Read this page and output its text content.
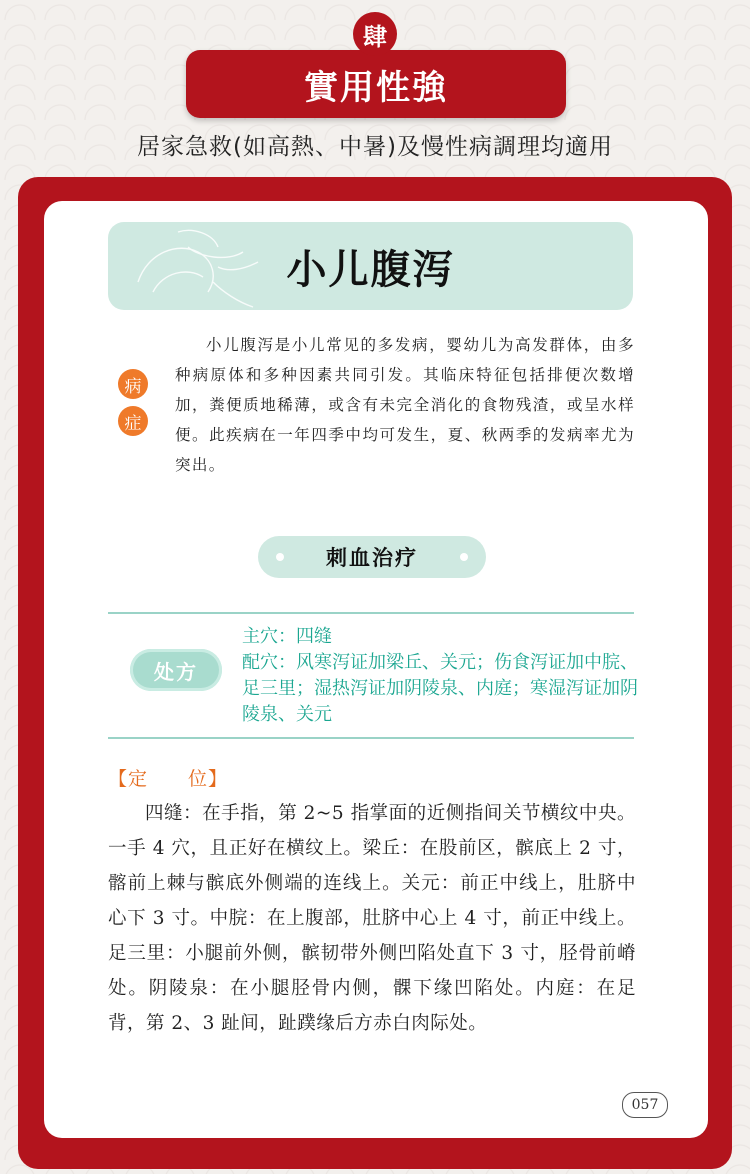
實用性強
肆
居家急救(如高熱、中暑)及慢性病調理均適用
小儿腹泻
病
症
小儿腹泻是小儿常见的多发病，婴幼儿为高发群体，由多种病原体和多种因素共同引发。其临床特征包括排便次数增加，粪便质地稀薄，或含有未完全消化的食物残渣，或呈水样便。此疾病在一年四季中均可发生，夏、秋两季的发病率尤为突出。
刺血治疗
处方
主穴：四缝
配穴：风寒泻证加梁丘、关元；伤食泻证加中脘、足三里；湿热泻证加阴陵泉、内庭；寒湿泻证加阴陵泉、关元
【定　　位】
四缝：在手指，第 2~5 指掌面的近侧指间关节横纹中央。一手 4 穴，且正好在横纹上。梁丘：在股前区，髌底上 2 寸，髂前上棘与髌底外侧端的连线上。关元：前正中线上，肚脐中心下 3 寸。中脘：在上腹部，肚脐中心上 4 寸，前正中线上。足三里：小腿前外侧，髌韧带外侧凹陷处直下 3 寸，胫骨前嵴处。阴陵泉：在小腿胫骨内侧，髁下缘凹陷处。内庭：在足背，第 2、3 趾间，趾蹼缘后方赤白肉际处。
057
